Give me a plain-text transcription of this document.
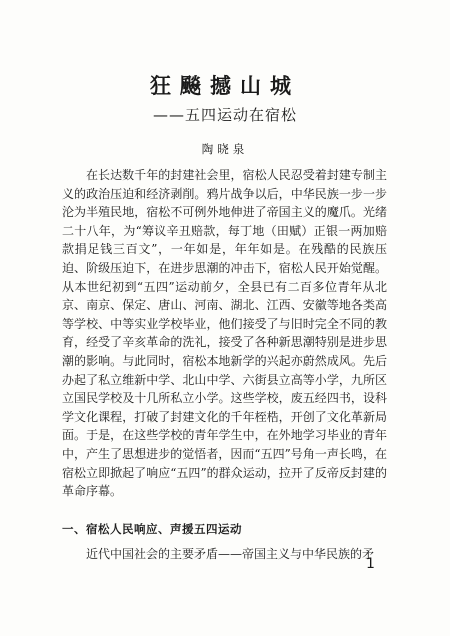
狂飈撼山城
——五四运动在宿松
陶晓泉

在长达数千年的封建社会里，宿松人民忍受着封建专制主义的政治压迫和经济剥削。鸦片战争以后，中华民族一步一步沦为半殖民地，宿松不可例外地伸进了帝国主义的魔爪。光绪二十八年，为“筹议辛丑赔款，每丁地（田赋）正银一两加赔款捐足钱三百文”，一年如是，年年如是。在残酷的民族压迫、阶级压迫下，在进步思潮的冲击下，宿松人民开始觉醒。从本世纪初到“五四”运动前夕，全县已有二百多位青年从北京、南京、保定、唐山、河南、湖北、江西、安徽等地各类高等学校、中等实业学校毕业，他们接受了与旧时完全不同的教育，经受了辛亥革命的洗礼，接受了各种新思潮特别是进步思潮的影响。与此同时，宿松本地新学的兴起亦蔚然成风。先后办起了私立维新中学、北山中学、六街县立高等小学，九所区立国民学校及十几所私立小学。这些学校，废五经四书，设科学文化课程，打破了封建文化的千年桎梏，开创了文化革新局面。于是，在这些学校的青年学生中，在外地学习毕业的青年中，产生了思想进步的觉悟者，因而“五四”号角一声长鸣，在宿松立即掀起了响应“五四”的群众运动，拉开了反帝反封建的革命序幕。

一、宿松人民响应、声援五四运动

近代中国社会的主要矛盾——帝国主义与中华民族的矛

1
